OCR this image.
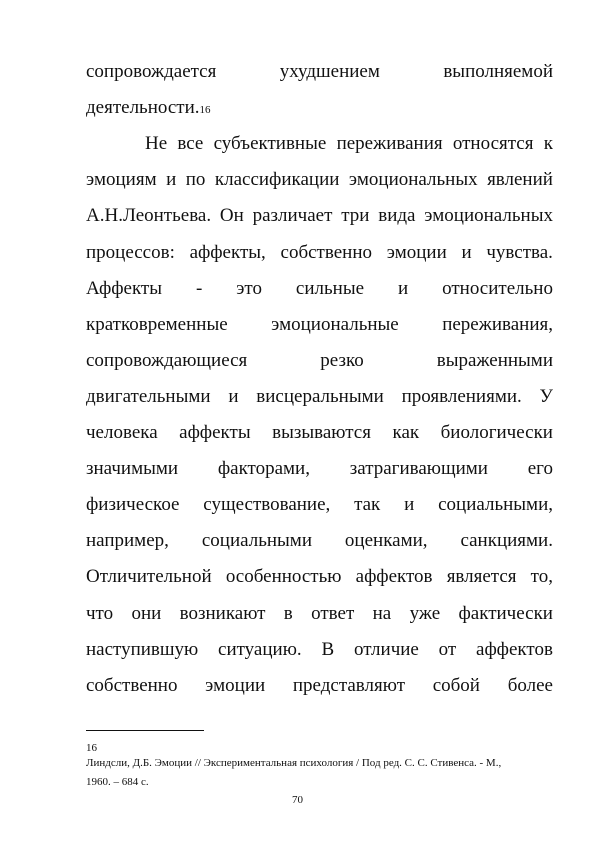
сопровождается	ухудшением	выполняемой
деятельности. 16
Не все субъективные переживания относятся к
эмоциям и по классификации эмоциональных явлений
А.Н.Леонтьева. Он различает три вида эмоциональных
процессов: аффекты, собственно эмоции и чувства.
Аффекты - это сильные и относительно
кратковременные эмоциональные переживания,
сопровождающиеся	резко	выраженными
двигательными и висцеральными проявлениями. У
человека аффекты вызываются как биологически
значимыми факторами, затрагивающими его
физическое существование, так и социальными,
например, социальными оценками, санкциями.
Отличительной особенностью аффектов является то,
что они возникают в ответ на уже фактически
наступившую ситуацию. В отличие от аффектов
собственно эмоции представляют собой более
16
Линдсли, Д.Б. Эмоции // Экспериментальная психология / Под ред. С. С. Стивенса. - М.,
1960. – 684 с.
70
